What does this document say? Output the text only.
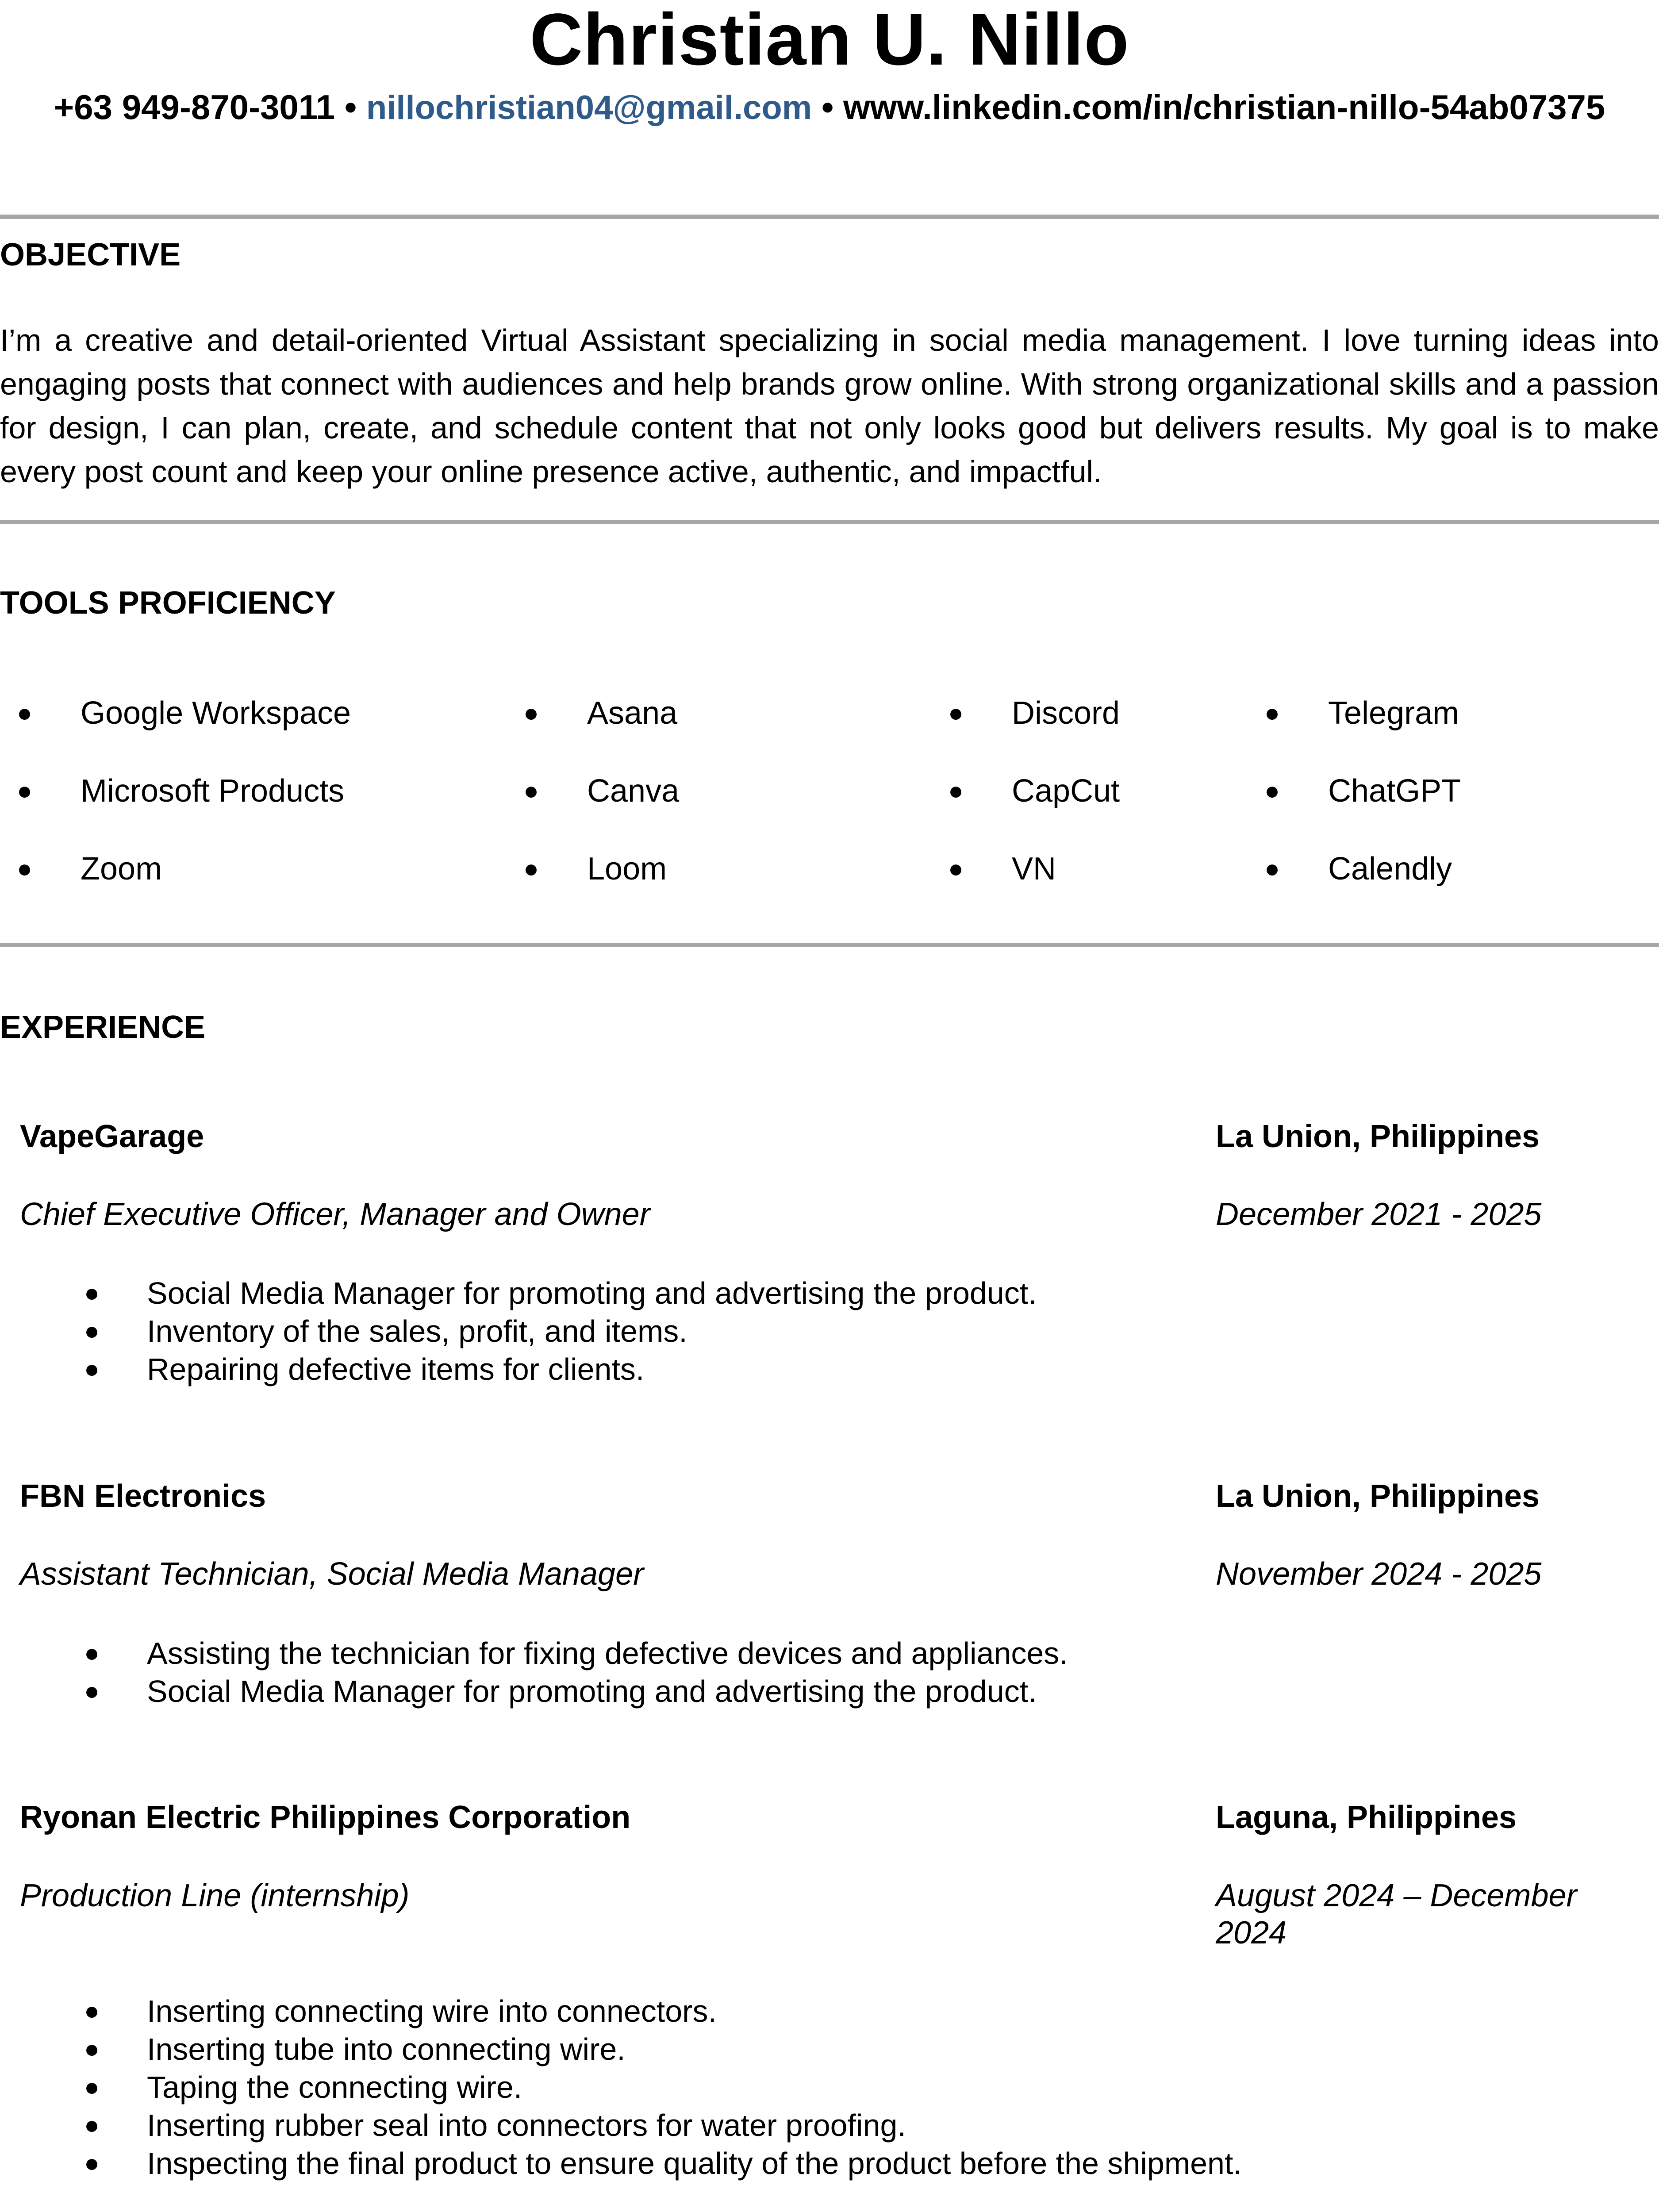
Christian U. Nillo
+63 949-870-3011 • nillochristian04@gmail.com • www.linkedin.com/in/christian-nillo-54ab07375
OBJECTIVE
I’m a creative and detail-oriented Virtual Assistant specializing in social media management. I love turning ideas into engaging posts that connect with audiences and help brands grow online. With strong organizational skills and a passion for design, I can plan, create, and schedule content that not only looks good but delivers results. My goal is to make every post count and keep your online presence active, authentic, and impactful.
TOOLS PROFICIENCY
● Google Workspace	● Asana	● Discord	● Telegram
● Microsoft Products	● Canva	● CapCut	● ChatGPT
● Zoom	● Loom	● VN	● Calendly
EXPERIENCE
VapeGarage	La Union, Philippines
Chief Executive Officer, Manager and Owner	December 2021 - 2025
● Social Media Manager for promoting and advertising the product.
● Inventory of the sales, profit, and items.
● Repairing defective items for clients.
FBN Electronics	La Union, Philippines
Assistant Technician, Social Media Manager	November 2024 - 2025
● Assisting the technician for fixing defective devices and appliances.
● Social Media Manager for promoting and advertising the product.
Ryonan Electric Philippines Corporation	Laguna, Philippines
Production Line (internship)	August 2024 – December 2024
● Inserting connecting wire into connectors.
● Inserting tube into connecting wire.
● Taping the connecting wire.
● Inserting rubber seal into connectors for water proofing.
● Inspecting the final product to ensure quality of the product before the shipment.
